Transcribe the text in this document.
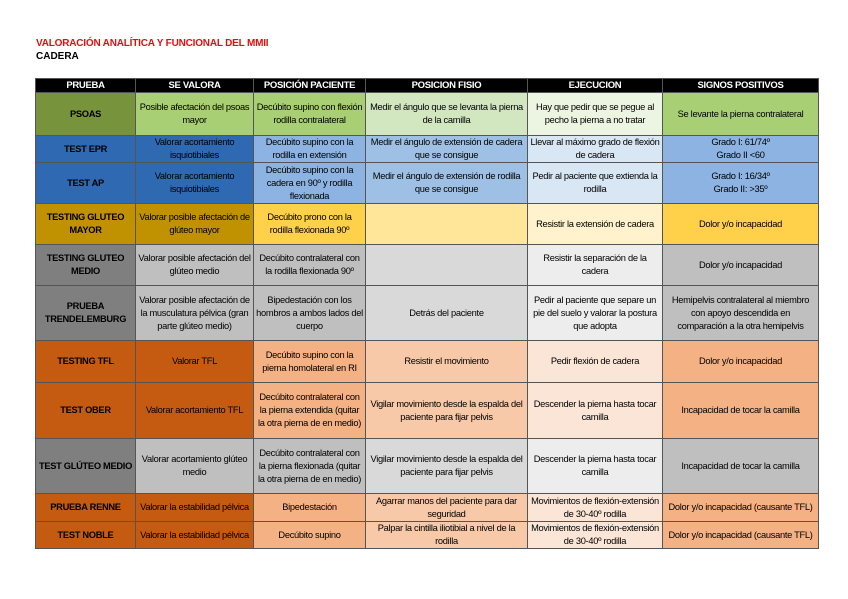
VALORACIÓN ANALÍTICA Y FUNCIONAL DEL MMII
CADERA
PRUEBA	SE VALORA	POSICIÓN PACIENTE	POSICION FISIO	EJECUCION	SIGNOS POSITIVOS
PSOAS	Posible afectación del psoas mayor	Decúbito supino con flexión rodilla contralateral	Medir el ángulo que se levanta la pierna de la camilla	Hay que pedir que se pegue al pecho la pierna a no tratar	Se levante la pierna contralateral
TEST EPR	Valorar acortamiento isquiotibiales	Decúbito supino con la rodilla en extensión	Medir el ángulo de extensión de cadera que se consigue	Llevar al máximo grado de flexión de cadera	Grado I: 61/74º
Grado II <60
TEST AP	Valorar acortamiento isquiotibiales	Decúbito supino con la cadera en 90º y rodilla flexionada	Medir el ángulo de extensión de rodilla que se consigue	Pedir al paciente que extienda la rodilla	Grado I: 16/34º
Grado II: >35º
TESTING GLUTEO MAYOR	Valorar posible afectación de glúteo mayor	Decúbito prono con la rodilla flexionada 90º		Resistir la extensión de cadera	Dolor y/o incapacidad
TESTING GLUTEO MEDIO	Valorar posible afectación del glúteo medio	Decúbito contralateral con la rodilla flexionada 90º		Resistir la separación de la cadera	Dolor y/o incapacidad
PRUEBA TRENDELEMBURG	Valorar posible afectación de la musculatura pélvica (gran parte glúteo medio)	Bipedestación con los hombros a ambos lados del cuerpo	Detrás del paciente	Pedir al paciente que separe un pie del suelo y valorar la postura que adopta	Hemipelvis contralateral al miembro con apoyo descendida en comparación a la otra hemipelvis
TESTING TFL	Valorar TFL	Decúbito supino con la pierna homolateral en RI	Resistir el movimiento	Pedir flexión de cadera	Dolor y/o incapacidad
TEST OBER	Valorar acortamiento TFL	Decúbito contralateral con la pierna extendida (quitar la otra pierna de en medio)	Vigilar movimiento desde la espalda del paciente para fijar pelvis	Descender la pierna hasta tocar camilla	Incapacidad de tocar la camilla
TEST GLÚTEO MEDIO	Valorar acortamiento glúteo medio	Decúbito contralateral con la pierna flexionada (quitar la otra pierna de en medio)	Vigilar movimiento desde la espalda del paciente para fijar pelvis	Descender la pierna hasta tocar camilla	Incapacidad de tocar la camilla
PRUEBA RENNE	Valorar la estabilidad pélvica	Bipedestación	Agarrar manos del paciente para dar seguridad	Movimientos de flexión-extensión de 30-40º rodilla	Dolor y/o incapacidad (causante TFL)
TEST NOBLE	Valorar la estabilidad pélvica	Decúbito supino	Palpar la cintilla iliotibial a nivel de la rodilla	Movimientos de flexión-extensión de 30-40º rodilla	Dolor y/o incapacidad (causante TFL)
